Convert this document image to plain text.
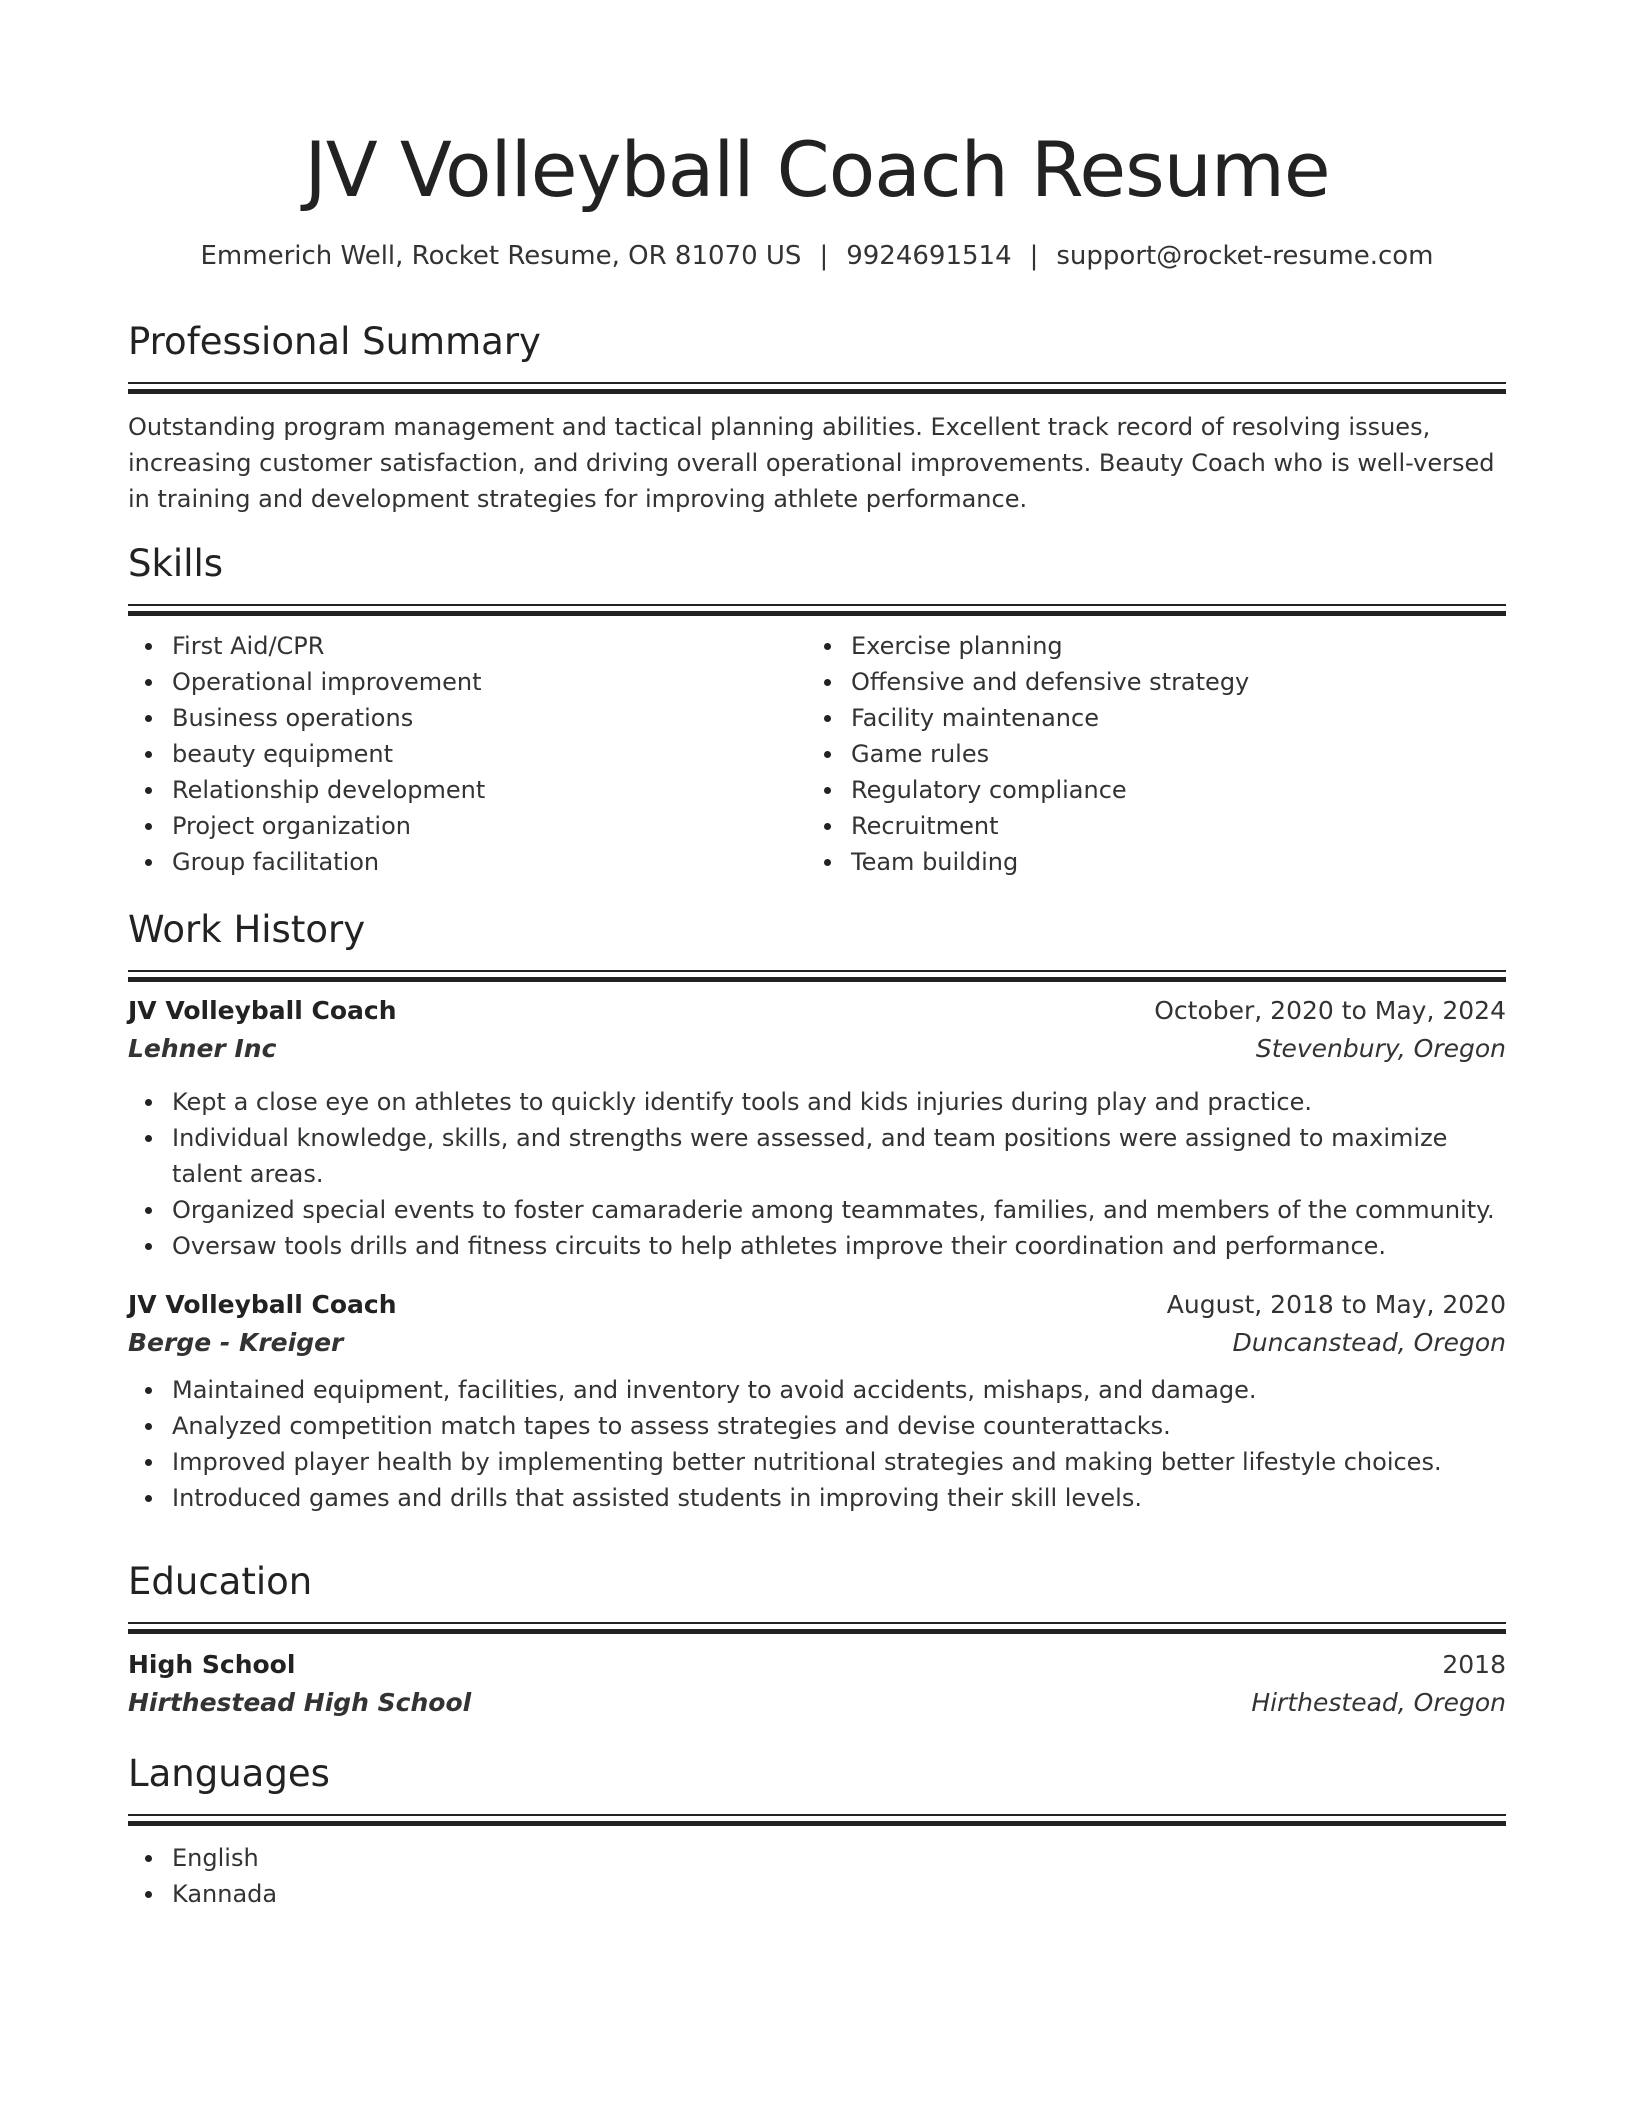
JV Volleyball Coach Resume
Emmerich Well, Rocket Resume, OR 81070 US | 9924691514 | support@rocket-resume.com
Professional Summary

Outstanding program management and tactical planning abilities. Excellent track record of resolving issues, increasing customer satisfaction, and driving overall operational improvements. Beauty Coach who is well-versed in training and development strategies for improving athlete performance.

Skills
First Aid/CPR
Operational improvement
Business operations
beauty equipment
Relationship development
Project organization
Group facilitation
Exercise planning
Offensive and defensive strategy
Facility maintenance
Game rules
Regulatory compliance
Recruitment
Team building
Work History
JV Volleyball Coach	October, 2020 to May, 2024
Lehner Inc	Stevenbury, Oregon
Kept a close eye on athletes to quickly identify tools and kids injuries during play and practice.
Individual knowledge, skills, and strengths were assessed, and team positions were assigned to maximize talent areas.
Organized special events to foster camaraderie among teammates, families, and members of the community.
Oversaw tools drills and fitness circuits to help athletes improve their coordination and performance.
JV Volleyball Coach	August, 2018 to May, 2020
Berge - Kreiger	Duncanstead, Oregon
Maintained equipment, facilities, and inventory to avoid accidents, mishaps, and damage.
Analyzed competition match tapes to assess strategies and devise counterattacks.
Improved player health by implementing better nutritional strategies and making better lifestyle choices.
Introduced games and drills that assisted students in improving their skill levels.
Education
High School	2018
Hirthestead High School	Hirthestead, Oregon
Languages
English
Kannada
